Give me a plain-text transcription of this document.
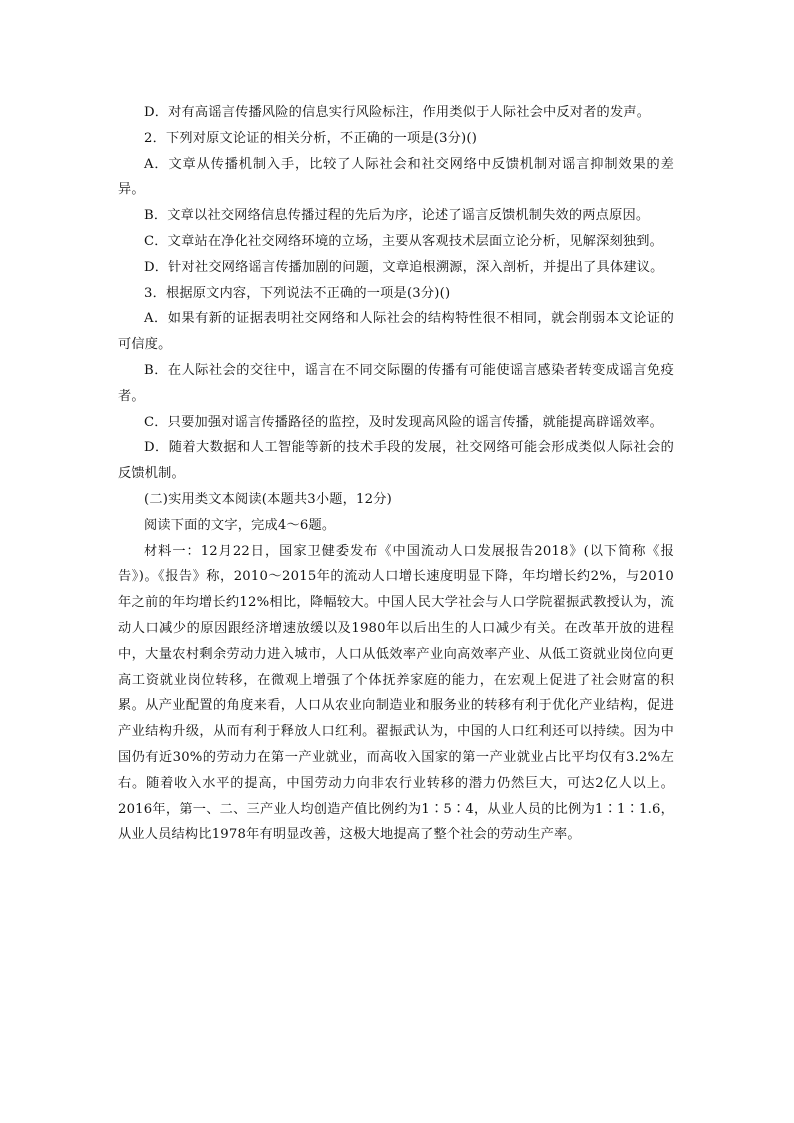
D．对有高谣言传播风险的信息实行风险标注，作用类似于人际社会中反对者的发声。

2．下列对原文论证的相关分析，不正确的一项是(3分)()

A．文章从传播机制入手，比较了人际社会和社交网络中反馈机制对谣言抑制效果的差异。

B．文章以社交网络信息传播过程的先后为序，论述了谣言反馈机制失效的两点原因。

C．文章站在净化社交网络环境的立场，主要从客观技术层面立论分析，见解深刻独到。

D．针对社交网络谣言传播加剧的问题，文章追根溯源，深入剖析，并提出了具体建议。

3．根据原文内容，下列说法不正确的一项是(3分)()

A．如果有新的证据表明社交网络和人际社会的结构特性很不相同，就会削弱本文论证的可信度。

B．在人际社会的交往中，谣言在不同交际圈的传播有可能使谣言感染者转变成谣言免疫者。

C．只要加强对谣言传播路径的监控，及时发现高风险的谣言传播，就能提高辟谣效率。

D．随着大数据和人工智能等新的技术手段的发展，社交网络可能会形成类似人际社会的反馈机制。

(二)实用类文本阅读(本题共3小题，12分)

阅读下面的文字，完成4～6题。

材料一：12月22日，国家卫健委发布《中国流动人口发展报告2018》(以下简称《报告》)。《报告》称，2010～2015年的流动人口增长速度明显下降，年均增长约2%，与2010年之前的年均增长约12%相比，降幅较大。中国人民大学社会与人口学院翟振武教授认为，流动人口减少的原因跟经济增速放缓以及1980年以后出生的人口减少有关。在改革开放的进程中，大量农村剩余劳动力进入城市，人口从低效率产业向高效率产业、从低工资就业岗位向更高工资就业岗位转移，在微观上增强了个体抚养家庭的能力，在宏观上促进了社会财富的积累。从产业配置的角度来看，人口从农业向制造业和服务业的转移有利于优化产业结构，促进产业结构升级，从而有利于释放人口红利。翟振武认为，中国的人口红利还可以持续。因为中国仍有近30%的劳动力在第一产业就业，而高收入国家的第一产业就业占比平均仅有3.2%左右。随着收入水平的提高，中国劳动力向非农行业转移的潜力仍然巨大，可达2亿人以上。2016年，第一、二、三产业人均创造产值比例约为1∶5∶4，从业人员的比例为1∶1∶1.6，从业人员结构比1978年有明显改善，这极大地提高了整个社会的劳动生产率。
